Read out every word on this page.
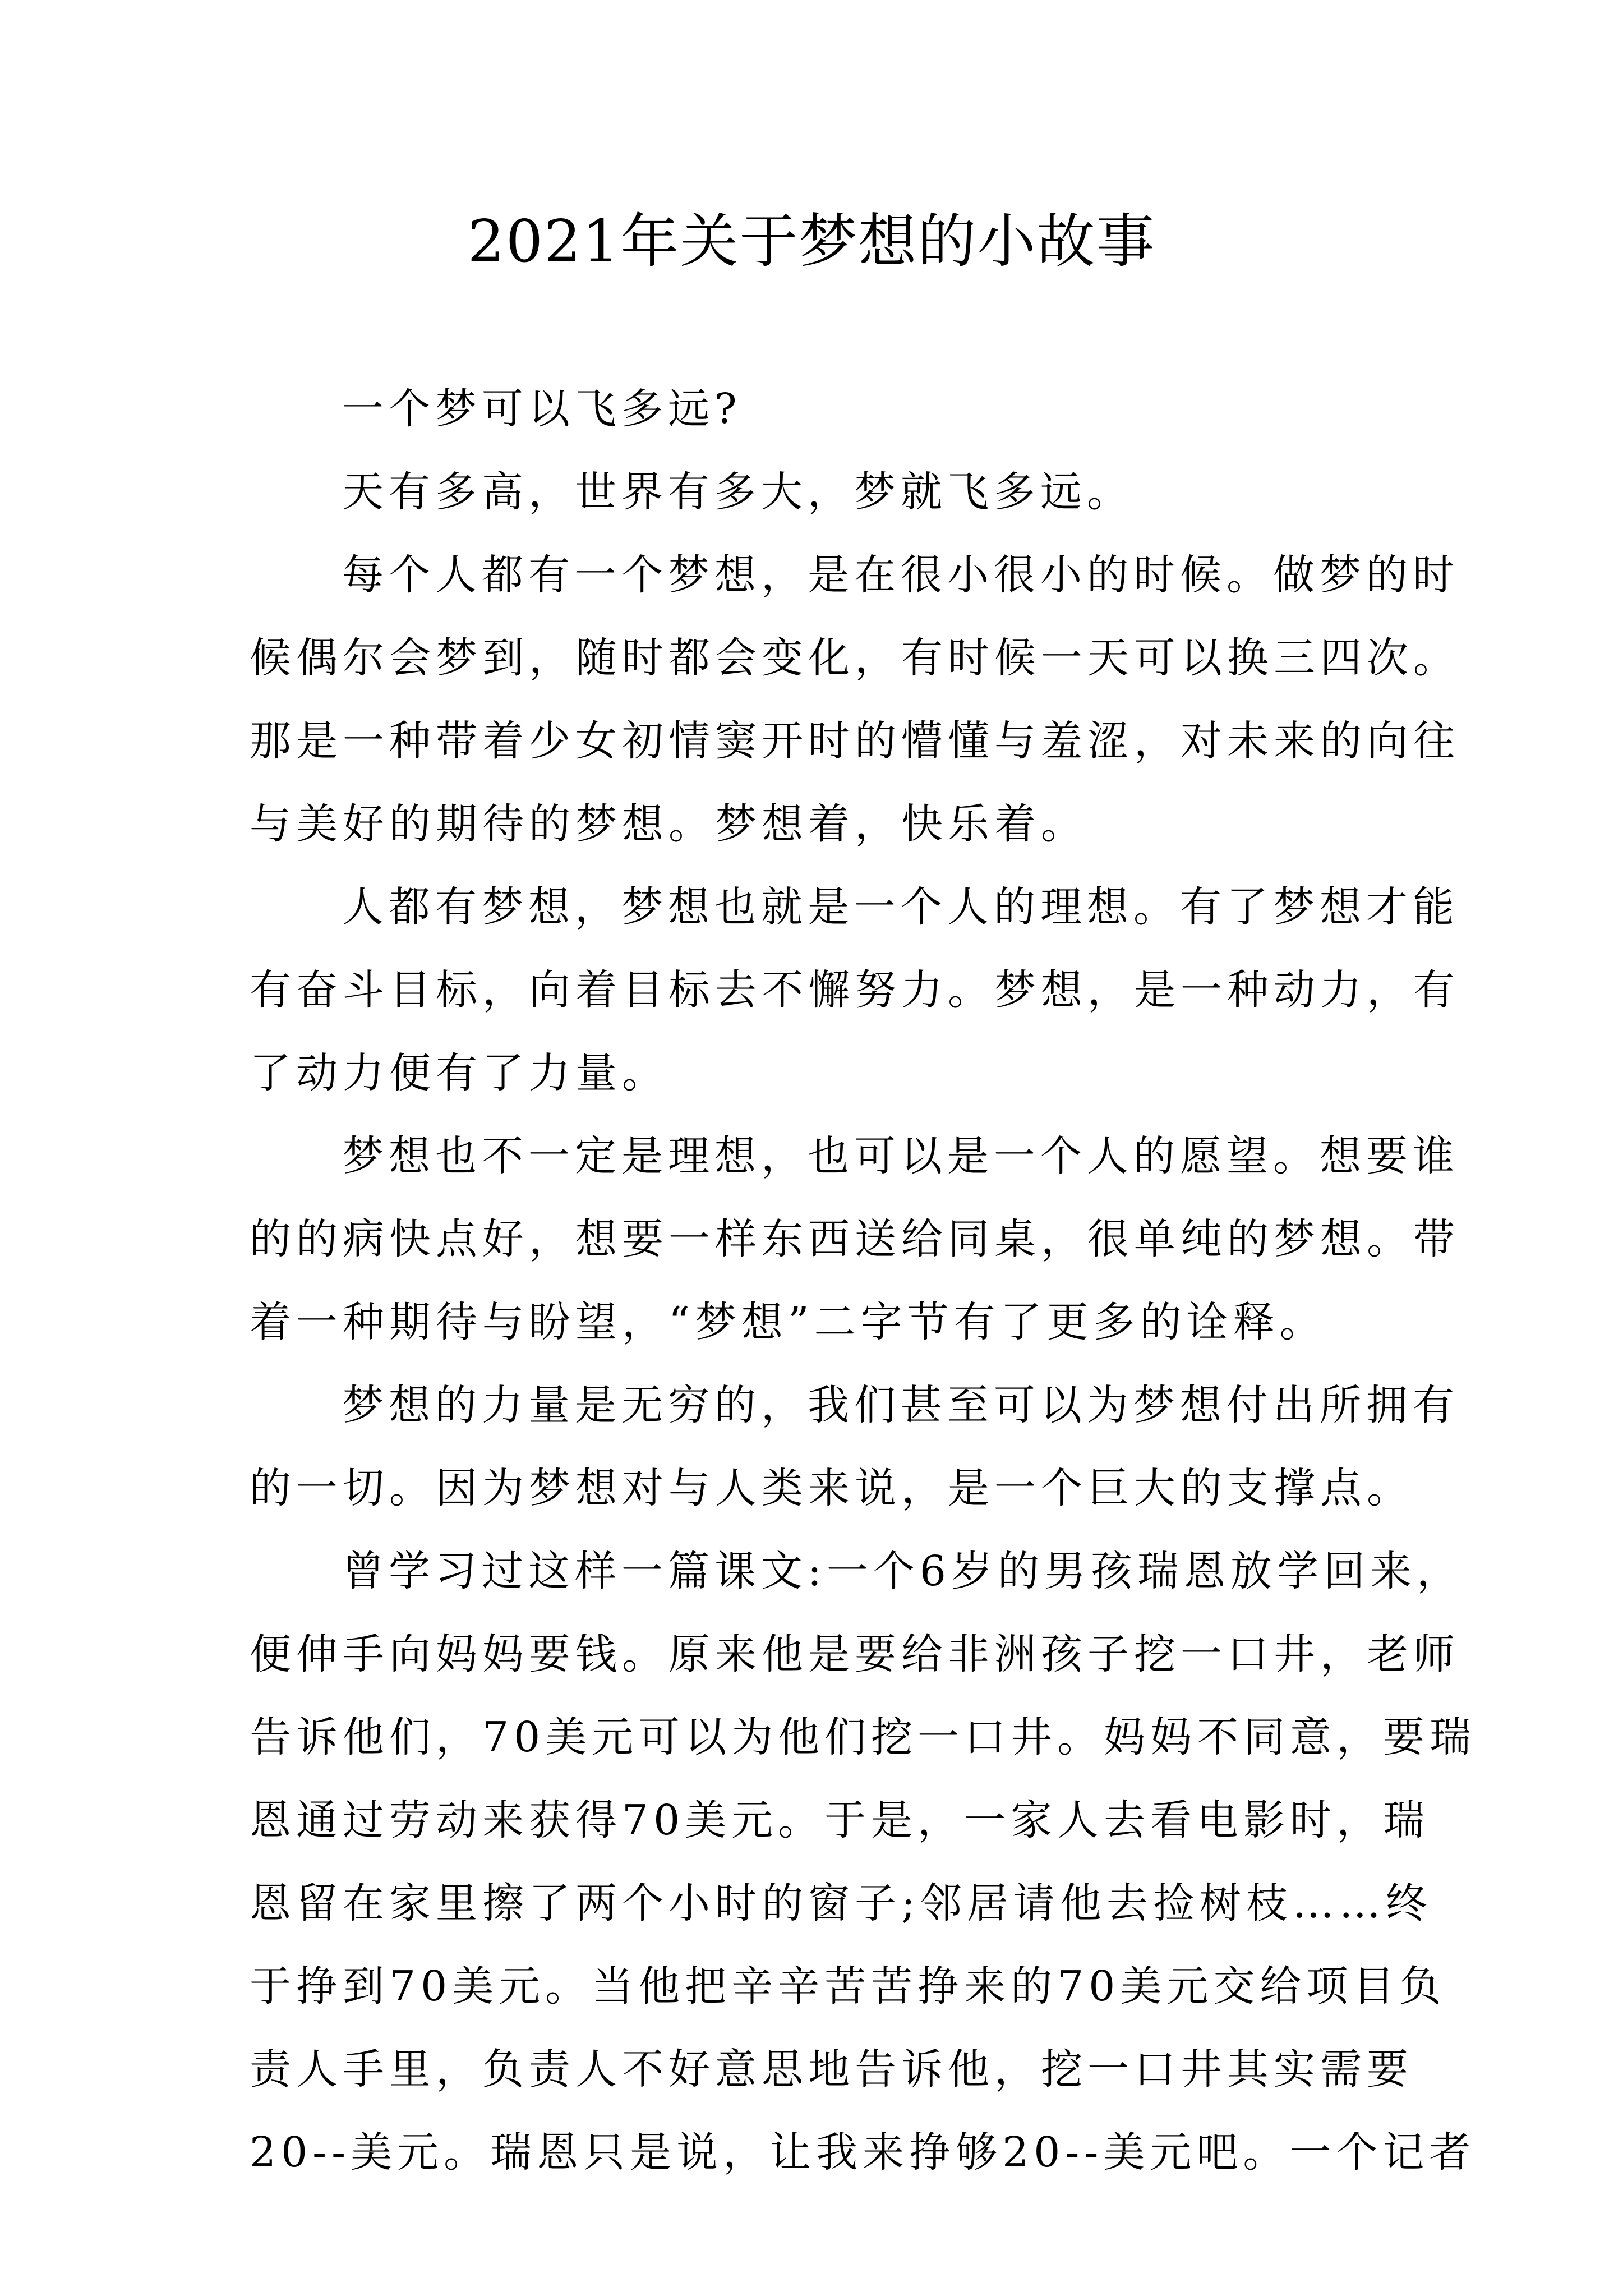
2021年关于梦想的小故事
一个梦可以飞多远?
天有多高，世界有多大，梦就飞多远。
每个人都有一个梦想，是在很小很小的时候。做梦的时
候偶尔会梦到，随时都会变化，有时候一天可以换三四次。
那是一种带着少女初情窦开时的懵懂与羞涩，对未来的向往
与美好的期待的梦想。梦想着，快乐着。
人都有梦想，梦想也就是一个人的理想。有了梦想才能
有奋斗目标，向着目标去不懈努力。梦想，是一种动力，有
了动力便有了力量。
梦想也不一定是理想，也可以是一个人的愿望。想要谁
的的病快点好，想要一样东西送给同桌，很单纯的梦想。带
着一种期待与盼望，“梦想”二字节有了更多的诠释。
梦想的力量是无穷的，我们甚至可以为梦想付出所拥有
的一切。因为梦想对与人类来说，是一个巨大的支撑点。
曾学习过这样一篇课文:一个6岁的男孩瑞恩放学回来，
便伸手向妈妈要钱。原来他是要给非洲孩子挖一口井，老师
告诉他们，70美元可以为他们挖一口井。妈妈不同意，要瑞
恩通过劳动来获得70美元。于是，一家人去看电影时，瑞
恩留在家里擦了两个小时的窗子;邻居请他去捡树枝……终
于挣到70美元。当他把辛辛苦苦挣来的70美元交给项目负
责人手里，负责人不好意思地告诉他，挖一口井其实需要
20--美元。瑞恩只是说，让我来挣够20--美元吧。一个记者
